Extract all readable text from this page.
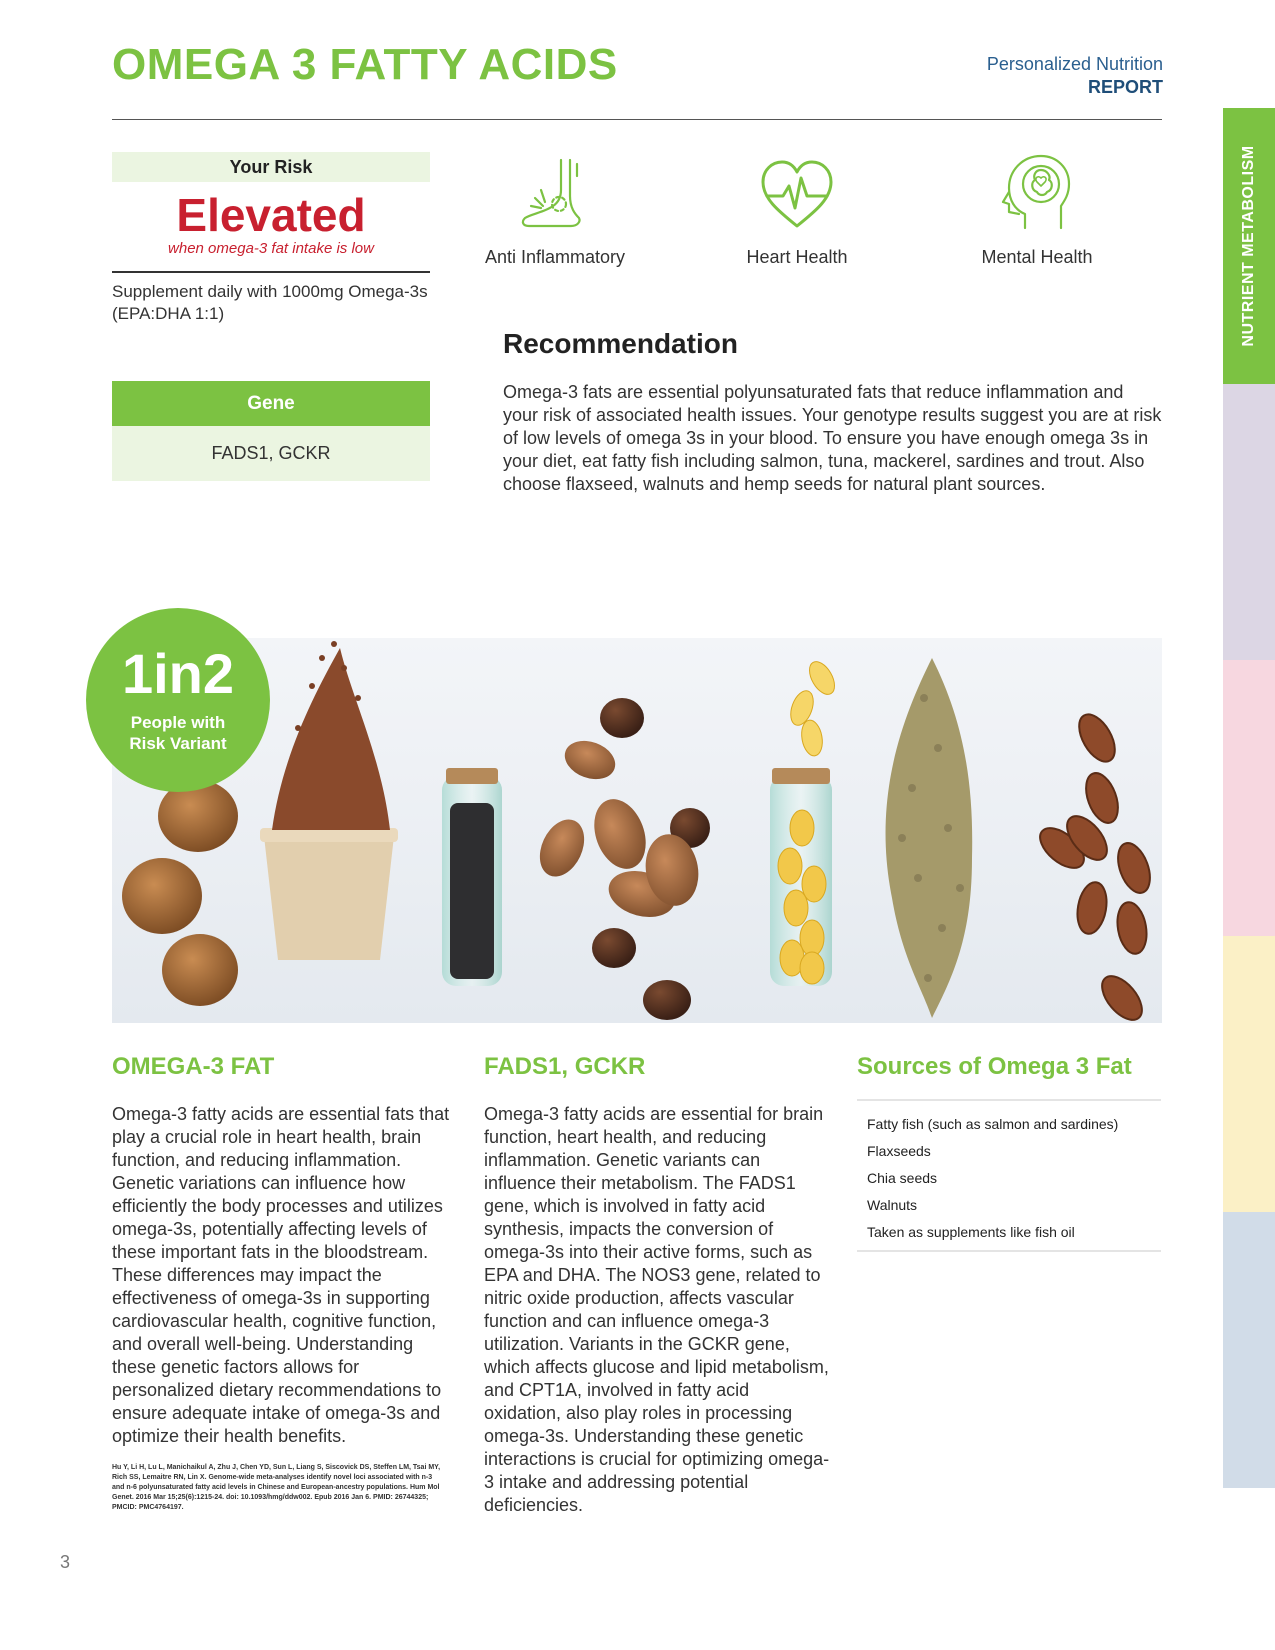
OMEGA 3 FATTY ACIDS	Personalized Nutrition
REPORT
NUTRIENT METABOLISM
Your Risk
Elevated
when omega-3 fat intake is low
Supplement daily with 1000mg Omega-3s (EPA:DHA 1:1)
Gene
FADS1, GCKR
Anti Inflammatory	Heart Health	Mental Health
Recommendation
Omega-3 fats are essential polyunsaturated fats that reduce inflammation and your risk of associated health issues. Your genotype results suggest you are at risk of low levels of omega 3s in your blood. To ensure you have enough omega 3s in your diet, eat fatty fish including salmon, tuna, mackerel, sardines and trout. Also choose flaxseed, walnuts and hemp seeds for natural plant sources.
1in2
People with
Risk Variant
OMEGA-3 FAT
Omega-3 fatty acids are essential fats that play a crucial role in heart health, brain function, and reducing inflammation. Genetic variations can influence how efficiently the body processes and utilizes omega-3s, potentially affecting levels of these important fats in the bloodstream. These differences may impact the effectiveness of omega-3s in supporting cardiovascular health, cognitive function, and overall well-being. Understanding these genetic factors allows for personalized dietary recommendations to ensure adequate intake of omega-3s and optimize their health benefits.
Hu Y, Li H, Lu L, Manichaikul A, Zhu J, Chen YD, Sun L, Liang S, Siscovick DS, Steffen LM, Tsai MY, Rich SS, Lemaitre RN, Lin X. Genome-wide meta-analyses identify novel loci associated with n-3 and n-6 polyunsaturated fatty acid levels in Chinese and European-ancestry populations. Hum Mol Genet. 2016 Mar 15;25(6):1215-24. doi: 10.1093/hmg/ddw002. Epub 2016 Jan 6. PMID: 26744325; PMCID: PMC4764197.
FADS1, GCKR
Omega-3 fatty acids are essential for brain function, heart health, and reducing inflammation. Genetic variants can influence their metabolism. The FADS1 gene, which is involved in fatty acid synthesis, impacts the conversion of omega-3s into their active forms, such as EPA and DHA. The NOS3 gene, related to nitric oxide production, affects vascular function and can influence omega-3 utilization. Variants in the GCKR gene, which affects glucose and lipid metabolism, and CPT1A, involved in fatty acid oxidation, also play roles in processing omega-3s. Understanding these genetic interactions is crucial for optimizing omega-3 intake and addressing potential deficiencies.
Sources of Omega 3 Fat
Fatty fish (such as salmon and sardines)
Flaxseeds
Chia seeds
Walnuts
Taken as supplements like fish oil
3
